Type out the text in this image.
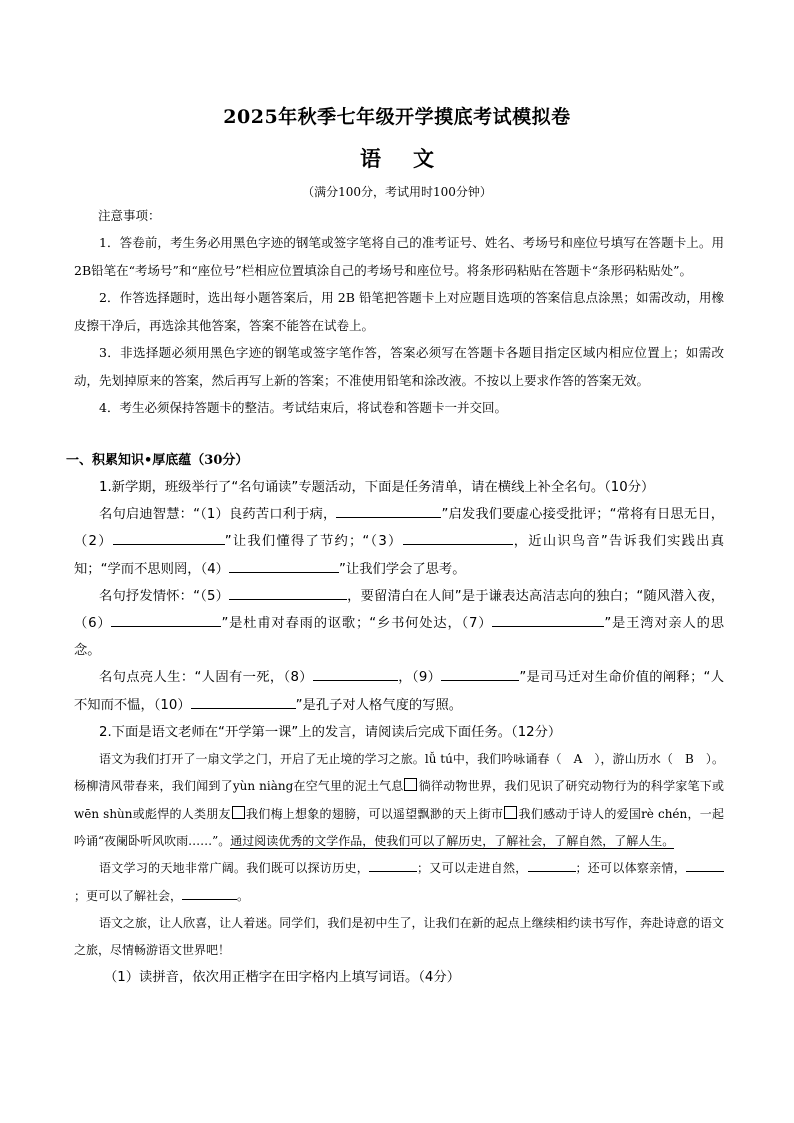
2025年秋季七年级开学摸底考试模拟卷
语 文
（满分100分，考试用时100分钟）

注意事项：

1．答卷前，考生务必用黑色字迹的钢笔或签字笔将自己的准考证号、姓名、考场号和座位号填写在答题卡上。用2B铅笔在“考场号”和“座位号”栏相应位置填涂自己的考场号和座位号。将条形码粘贴在答题卡“条形码粘贴处”。

2．作答选择题时，选出每小题答案后，用 2B 铅笔把答题卡上对应题目选项的答案信息点涂黑；如需改动，用橡皮擦干净后，再选涂其他答案，答案不能答在试卷上。

3．非选择题必须用黑色字迹的钢笔或签字笔作答，答案必须写在答题卡各题目指定区域内相应位置上；如需改动，先划掉原来的答案，然后再写上新的答案；不准使用铅笔和涂改液。不按以上要求作答的答案无效。

4．考生必须保持答题卡的整洁。考试结束后，将试卷和答题卡一并交回。

一、积累知识•厚底蕴（30分）

1.新学期，班级举行了“名句诵读”专题活动，下面是任务清单，请在横线上补全名句。（10分）

名句启迪智慧：“（1）良药苦口利于病，	”启发我们要虚心接受批评；“常将有日思无日，（2）	”让我们懂得了节约；“（3）	，近山识鸟音”告诉我们实践出真知；“学而不思则罔，（4）	”让我们学会了思考。

名句抒发情怀：“（5）	，要留清白在人间”是于谦表达高洁志向的独白；“随风潜入夜，（6）	”是杜甫对春雨的讴歌；“乡书何处达，（7）	”是王湾对亲人的思念。

名句点亮人生：“人固有一死，（8）	，（9）	”是司马迁对生命价值的阐释；“人不知而不愠，（10）	”是孔子对人格气度的写照。

2.下面是语文老师在“开学第一课”上的发言，请阅读后完成下面任务。（12分）

语文为我们打开了一扇文学之门，开启了无止境的学习之旅。lǚ tú中，我们吟咏诵春（　A　），游山历水（　B　）。杨柳清风带春来，我们闻到了yùn niàng在空气里的泥土气息 徜徉动物世界，我们见识了研究动物行为的科学家笔下或wēn shùn或彪悍的人类朋友 我们梅上想象的翅膀，可以遥望飘渺的天上街市 我们感动于诗人的爱国rè chén，一起吟诵“夜阑卧听风吹雨……”。通过阅读优秀的文学作品，使我们可以了解历史，了解社会，了解自然，了解人生。

语文学习的天地非常广阔。我们既可以探访历史，	；又可以走进自然，	；还可以体察亲情，；更可以了解社会，	。

语文之旅，让人欣喜，让人着迷。同学们，我们是初中生了，让我们在新的起点上继续相约读书写作，奔赴诗意的语文之旅，尽情畅游语文世界吧！

（1）读拼音，依次用正楷字在田字格内上填写词语。（4分）
